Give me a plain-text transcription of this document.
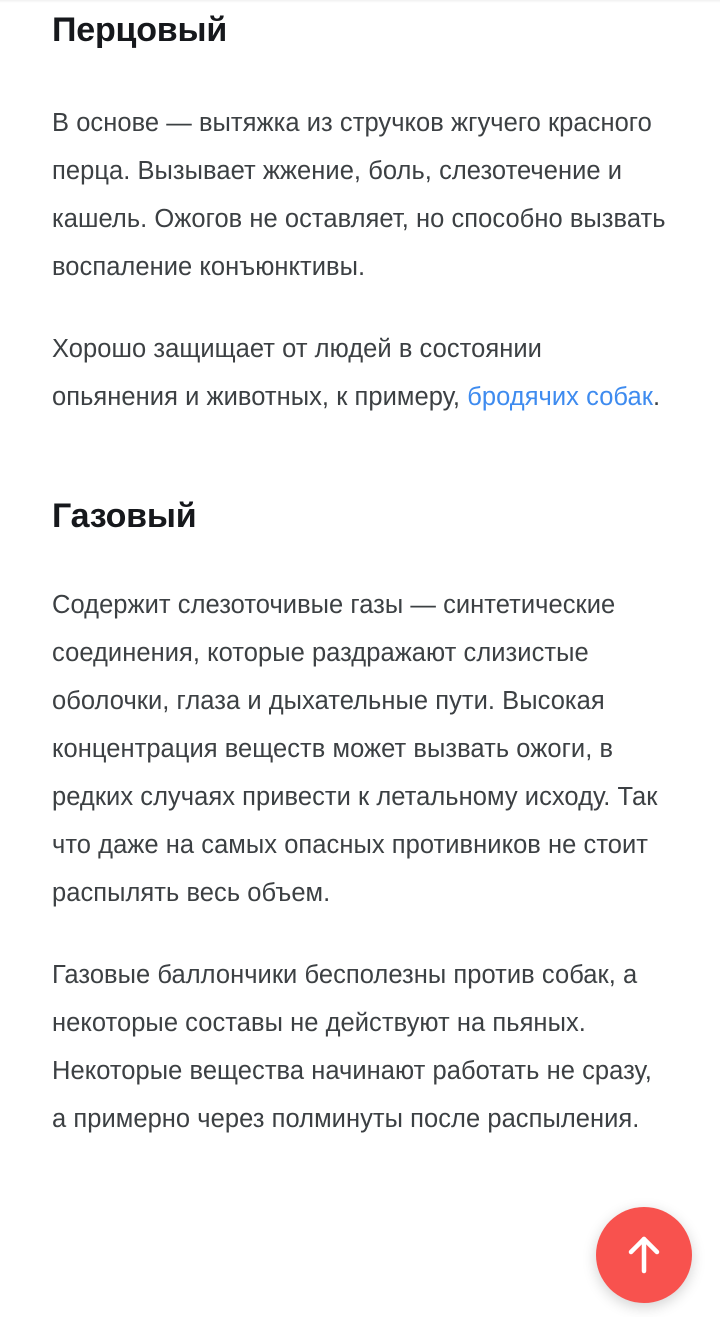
Перцовый

В основе — вытяжка из стручков жгучего красного перца. Вызывает жжение, боль, слезотечение и кашель. Ожогов не оставляет, но способно вызвать воспаление конъюнктивы.

Хорошо защищает от людей в состоянии опьянения и животных, к примеру, бродячих собак.

Газовый

Содержит слезоточивые газы — синтетические соединения, которые раздражают слизистые оболочки, глаза и дыхательные пути. Высокая концентрация веществ может вызвать ожоги, в редких случаях привести к летальному исходу. Так что даже на самых опасных противников не стоит распылять весь объем.

Газовые баллончики бесполезны против собак, а некоторые составы не действуют на пьяных. Некоторые вещества начинают работать не сразу, а примерно через полминуты после распыления.
